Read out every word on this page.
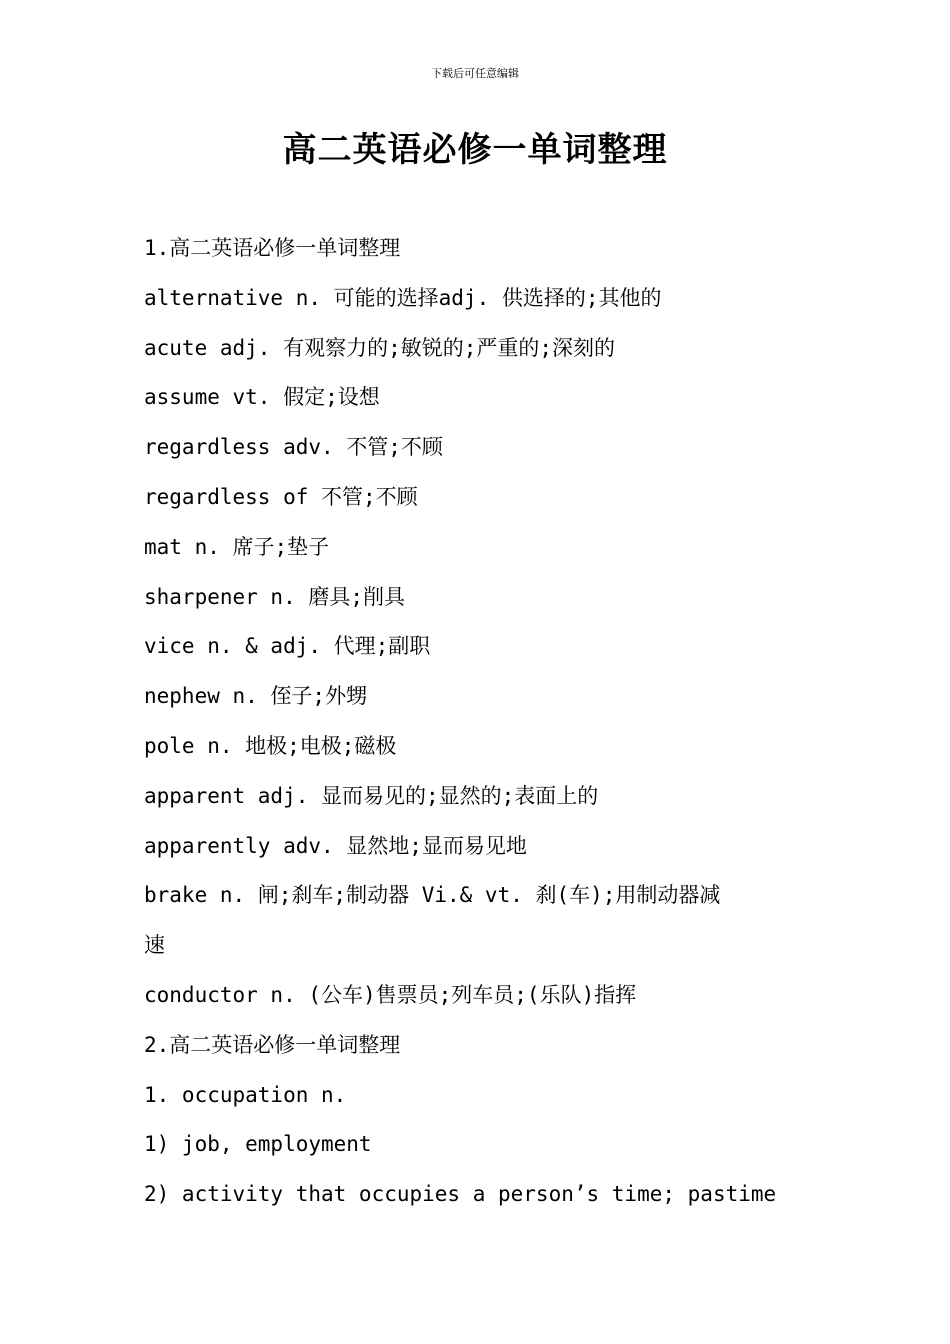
下载后可任意编辑
高二英语必修一单词整理
1.高二英语必修一单词整理
alternative n. 可能的选择adj. 供选择的;其他的
acute adj. 有观察力的;敏锐的;严重的;深刻的
assume vt. 假定;设想
regardless adv. 不管;不顾
regardless of 不管;不顾
mat n. 席子;垫子
sharpener n. 磨具;削具
vice n. & adj. 代理;副职
nephew n. 侄子;外甥
pole n. 地极;电极;磁极
apparent adj. 显而易见的;显然的;表面上的
apparently adv. 显然地;显而易见地
brake n. 闸;刹车;制动器 Vi.& vt. 刹(车);用制动器减
速
conductor n. (公车)售票员;列车员;(乐队)指挥
2.高二英语必修一单词整理
1. occupation n.
1) job, employment
2) activity that occupies a person’s time; pastime
